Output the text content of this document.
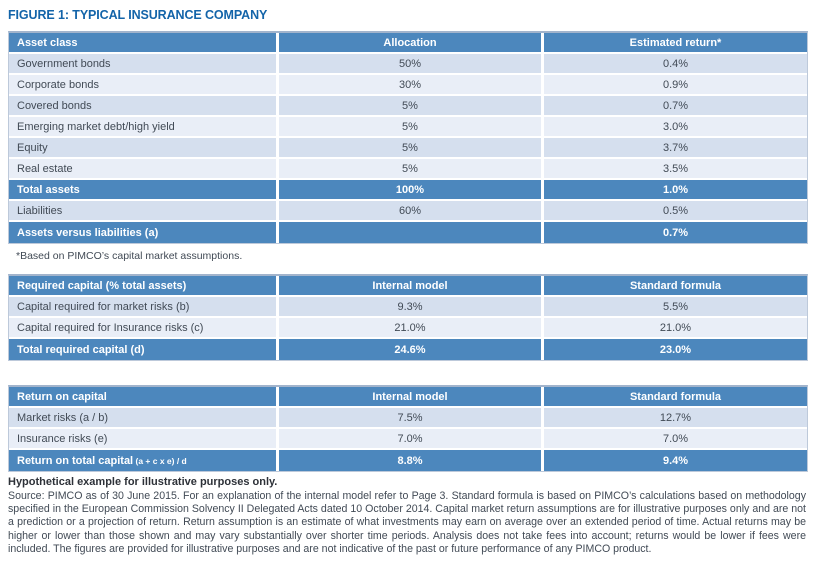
FIGURE 1: TYPICAL INSURANCE COMPANY
Asset class	Allocation	Estimated return*
Government bonds	50%	0.4%
Corporate bonds	30%	0.9%
Covered bonds	5%	0.7%
Emerging market debt/high yield	5%	3.0%
Equity	5%	3.7%
Real estate	5%	3.5%
Total assets	100%	1.0%
Liabilities	60%	0.5%
Assets versus liabilities (a)		0.7%
*Based on PIMCO’s capital market assumptions.
Required capital (% total assets)	Internal model	Standard formula
Capital required for market risks (b)	9.3%	5.5%
Capital required for Insurance risks (c)	21.0%	21.0%
Total required capital (d)	24.6%	23.0%
Return on capital	Internal model	Standard formula
Market risks (a / b)	7.5%	12.7%
Insurance risks (e)	7.0%	7.0%
Return on total capital (a + c x e) / d	8.8%	9.4%

Hypothetical example for illustrative purposes only.

Source: PIMCO as of 30 June 2015. For an explanation of the internal model refer to Page 3. Standard formula is based on PIMCO’s calculations based on methodology specified in the European Commission Solvency II Delegated Acts dated 10 October 2014. Capital market return assumptions are for illustrative purposes only and are not a prediction or a projection of return. Return assumption is an estimate of what investments may earn on average over an extended period of time. Actual returns may be higher or lower than those shown and may vary substantially over shorter time periods. Analysis does not take fees into account; returns would be lower if fees were included. The figures are provided for illustrative purposes and are not indicative of the past or future performance of any PIMCO product.
